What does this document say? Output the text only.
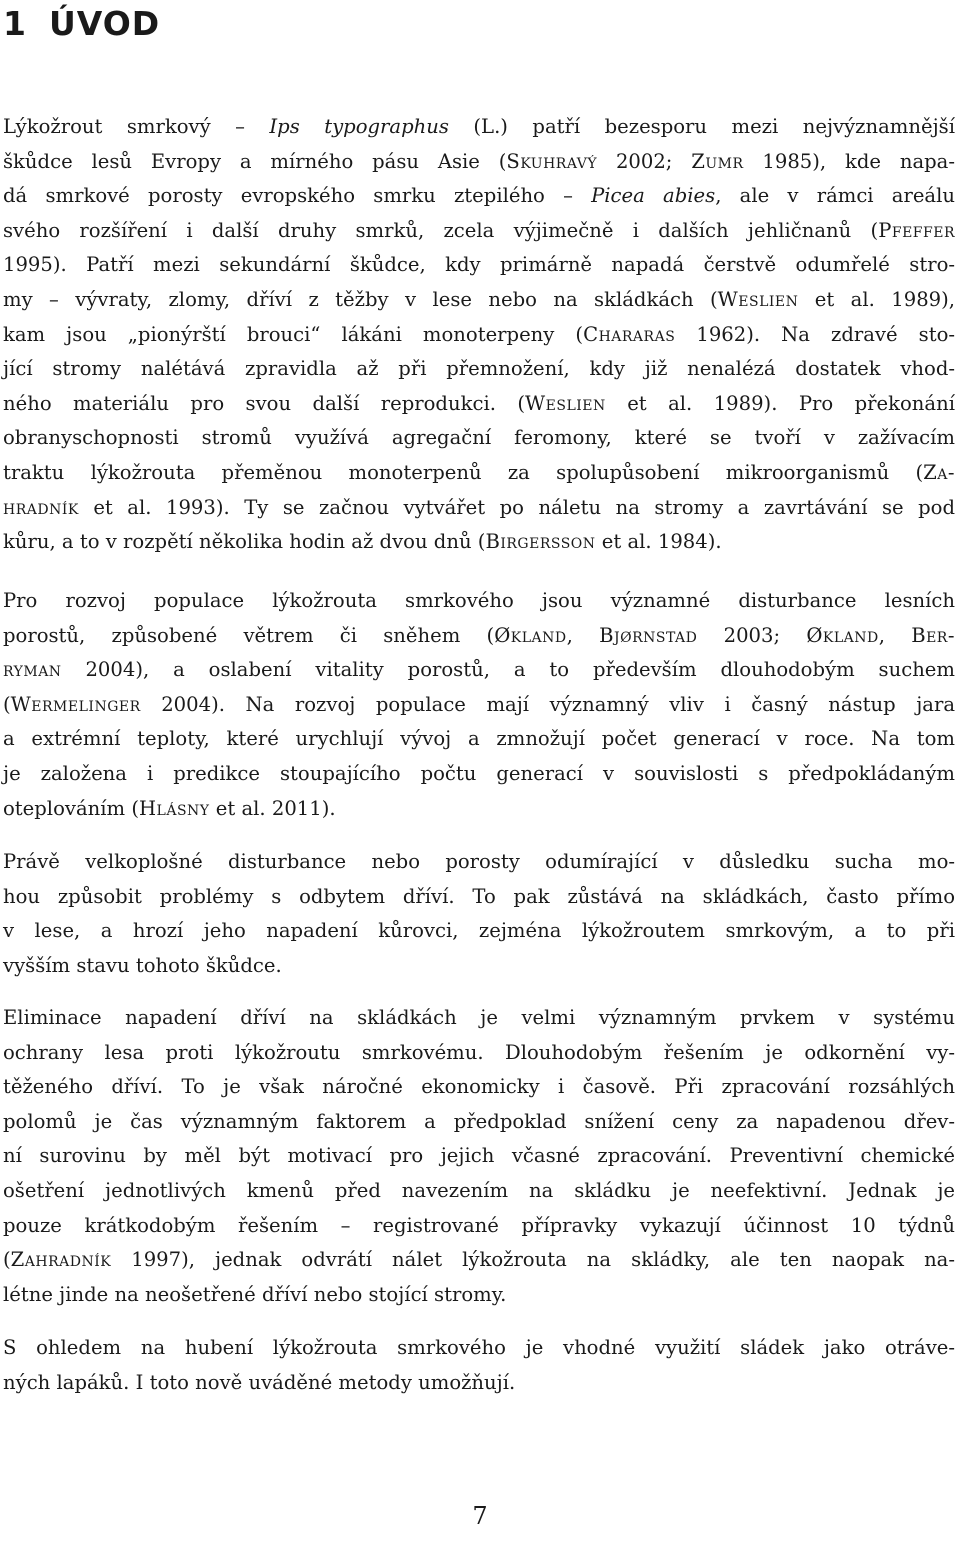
1 ÚVOD
Lýkožrout smrkový – Ips typographus (L.) patří bezesporu mezi nejvýznamnější
škůdce lesů Evropy a mírného pásu Asie (Skuhravý 2002; Zumr 1985), kde napa-
dá smrkové porosty evropského smrku ztepilého – Picea abies, ale v rámci areálu
svého rozšíření i další druhy smrků, zcela výjimečně i dalších jehličnanů (Pfeffer
1995). Patří mezi sekundární škůdce, kdy primárně napadá čerstvě odumřelé stro-
my – vývraty, zlomy, dříví z těžby v lese nebo na skládkách (Weslien et al. 1989),
kam jsou „pionýrští brouci“ lákáni monoterpeny (Chararas 1962). Na zdravé sto-
jící stromy nalétává zpravidla až při přemnožení, kdy již nenalézá dostatek vhod-
ného materiálu pro svou další reprodukci. (Weslien et al. 1989). Pro překonání
obranyschopnosti stromů využívá agregační feromony, které se tvoří v zažívacím
traktu lýkožrouta přeměnou monoterpenů za spolupůsobení mikroorganismů (Za-
hradník et al. 1993). Ty se začnou vytvářet po náletu na stromy a zavrtávání se pod
kůru, a to v rozpětí několika hodin až dvou dnů (Birgersson et al. 1984).
Pro rozvoj populace lýkožrouta smrkového jsou významné disturbance lesních
porostů, způsobené větrem či sněhem (Økland, Bjørnstad 2003; Økland, Ber-
ryman 2004), a oslabení vitality porostů, a to především dlouhodobým suchem
(Wermelinger 2004). Na rozvoj populace mají významný vliv i časný nástup jara
a extrémní teploty, které urychlují vývoj a zmnožují počet generací v roce. Na tom
je založena i predikce stoupajícího počtu generací v souvislosti s předpokládaným
oteplováním (Hlásny et al. 2011).
Právě velkoplošné disturbance nebo porosty odumírající v důsledku sucha mo-
hou způsobit problémy s odbytem dříví. To pak zůstává na skládkách, často přímo
v lese, a hrozí jeho napadení kůrovci, zejména lýkožroutem smrkovým, a to při
vyšším stavu tohoto škůdce.
Eliminace napadení dříví na skládkách je velmi významným prvkem v systému
ochrany lesa proti lýkožroutu smrkovému. Dlouhodobým řešením je odkornění vy-
těženého dříví. To je však náročné ekonomicky i časově. Při zpracování rozsáhlých
polomů je čas významným faktorem a předpoklad snížení ceny za napadenou dřev-
ní surovinu by měl být motivací pro jejich včasné zpracování. Preventivní chemické
ošetření jednotlivých kmenů před navezením na skládku je neefektivní. Jednak je
pouze krátkodobým řešením – registrované přípravky vykazují účinnost 10 týdnů
(Zahradník 1997), jednak odvrátí nálet lýkožrouta na skládky, ale ten naopak na-
létne jinde na neošetřené dříví nebo stojící stromy.
S ohledem na hubení lýkožrouta smrkového je vhodné využití sládek jako otráve-
ných lapáků. I toto nově uváděné metody umožňují.
7
